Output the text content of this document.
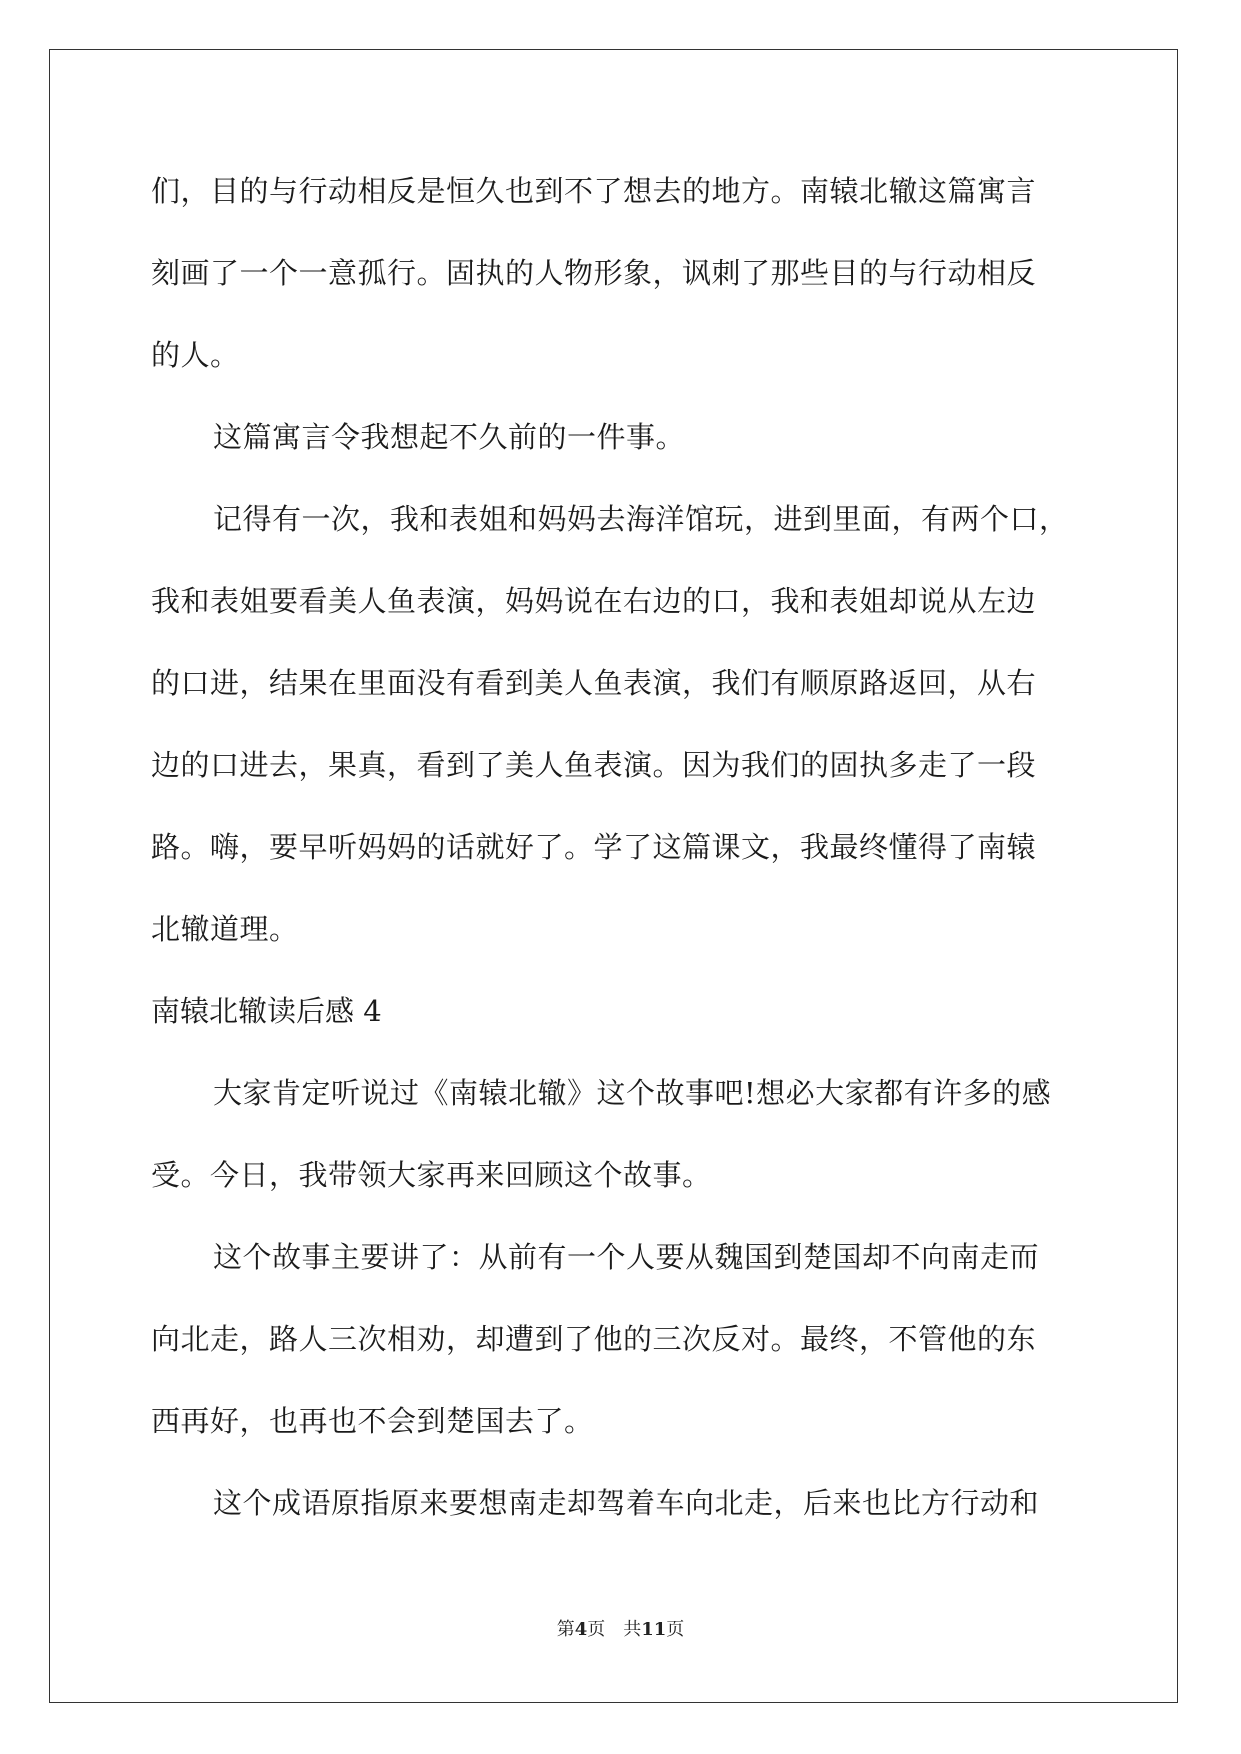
们，目的与行动相反是恒久也到不了想去的地方。南辕北辙这篇寓言
刻画了一个一意孤行。固执的人物形象，讽刺了那些目的与行动相反
的人。
这篇寓言令我想起不久前的一件事。
记得有一次，我和表姐和妈妈去海洋馆玩，进到里面，有两个口，
我和表姐要看美人鱼表演，妈妈说在右边的口，我和表姐却说从左边
的口进，结果在里面没有看到美人鱼表演，我们有顺原路返回，从右
边的口进去，果真，看到了美人鱼表演。因为我们的固执多走了一段
路。嗨，要早听妈妈的话就好了。学了这篇课文，我最终懂得了南辕
北辙道理。
南辕北辙读后感 4
大家肯定听说过《南辕北辙》这个故事吧!想必大家都有许多的感
受。今日，我带领大家再来回顾这个故事。
这个故事主要讲了：从前有一个人要从魏国到楚国却不向南走而
向北走，路人三次相劝，却遭到了他的三次反对。最终，不管他的东
西再好，也再也不会到楚国去了。
这个成语原指原来要想南走却驾着车向北走，后来也比方行动和
第4页 共11页
